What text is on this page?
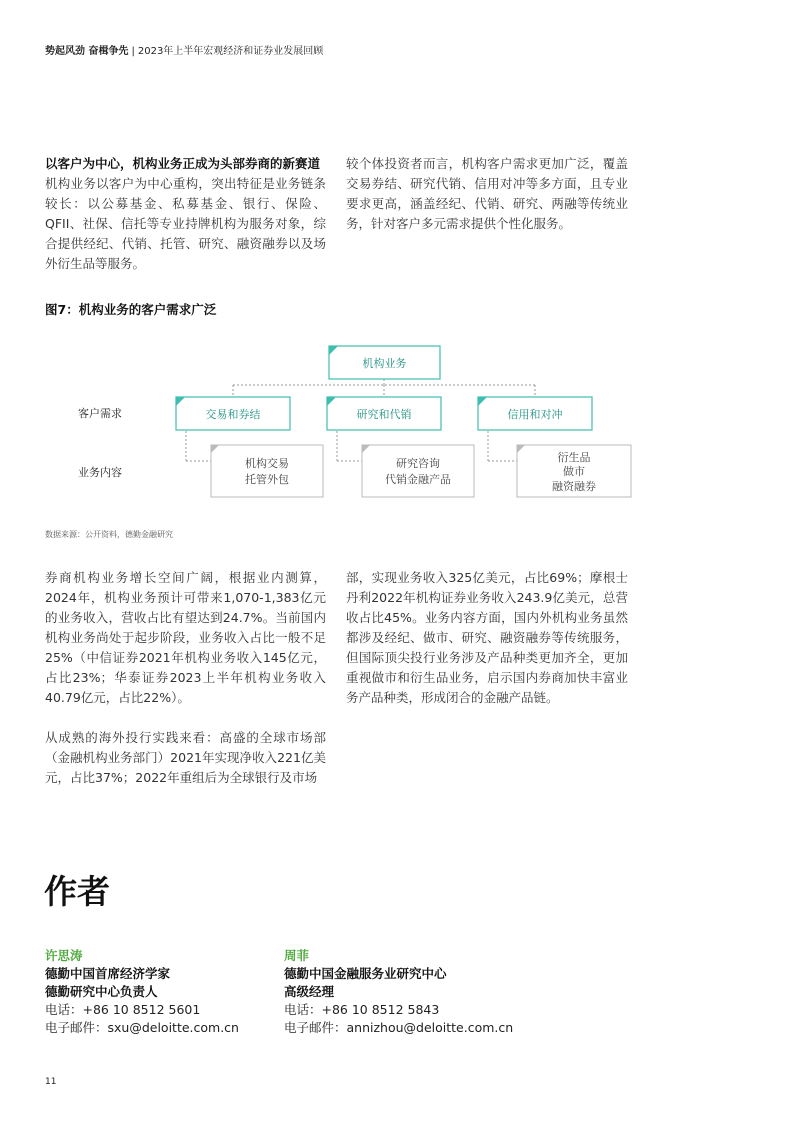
势起风劲 奋楫争先 | 2023年上半年宏观经济和证券业发展回顾
以客户为中心，机构业务正成为头部券商的新赛道
机构业务以客户为中心重构，突出特征是业务链条较长：以公募基金、私募基金、银行、保险、QFII、社保、信托等专业持牌机构为服务对象，综合提供经纪、代销、托管、研究、融资融券以及场外衍生品等服务。
较个体投资者而言，机构客户需求更加广泛，覆盖交易券结、研究代销、信用对冲等多方面，且专业要求更高，涵盖经纪、代销、研究、两融等传统业务，针对客户多元需求提供个性化服务。
图7：机构业务的客户需求广泛
机构业务
客户需求
业务内容
交易和券结	研究和代销	信用和对冲
机构交易
托管外包
研究咨询
代销金融产品
衍生品
做市
融资融券
数据来源：公开资料，德勤金融研究
券商机构业务增长空间广阔，根据业内测算，2024年，机构业务预计可带来1,070-1,383亿元的业务收入，营收占比有望达到24.7%。当前国内机构业务尚处于起步阶段，业务收入占比一般不足25%（中信证券2021年机构业务收入145亿元，占比23%；华泰证券2023上半年机构业务收入40.79亿元，占比22%）。
从成熟的海外投行实践来看：高盛的全球市场部（金融机构业务部门）2021年实现净收入221亿美元，占比37%；2022年重组后为全球银行及市场
部，实现业务收入325亿美元，占比69%；摩根士丹利2022年机构证券业务收入243.9亿美元，总营收占比45%。业务内容方面，国内外机构业务虽然都涉及经纪、做市、研究、融资融券等传统服务，但国际顶尖投行业务涉及产品种类更加齐全，更加重视做市和衍生品业务，启示国内券商加快丰富业务产品种类，形成闭合的金融产品链。
作者
许思涛
德勤中国首席经济学家
德勤研究中心负责人
电话：+86 10 8512 5601
电子邮件：sxu@deloitte.com.cn
周菲
德勤中国金融服务业研究中心
高级经理
电话：+86 10 8512 5843
电子邮件：annizhou@deloitte.com.cn
11
